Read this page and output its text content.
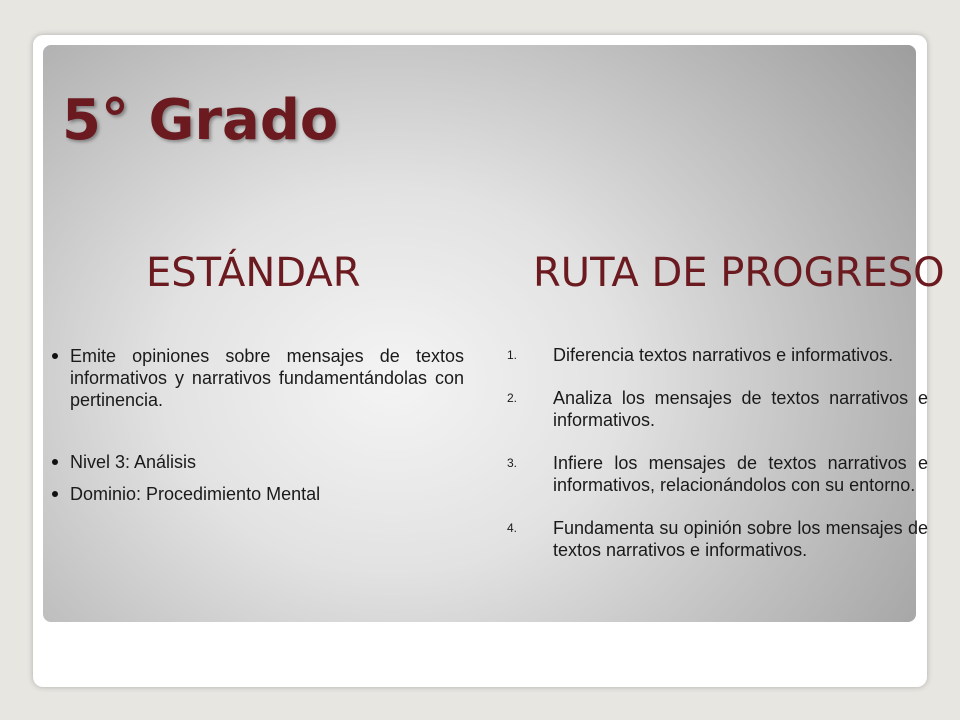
5° Grado
ESTÁNDAR	RUTA DE PROGRESO
Emite opiniones sobre mensajes de textos informativos y narrativos fundamentándolas con pertinencia.
Nivel 3: Análisis
Dominio: Procedimiento Mental
1. Diferencia textos narrativos e informativos.
2. Analiza los mensajes de textos narrativos e informativos.
3. Infiere los mensajes de textos narrativos e informativos, relacionándolos con su entorno.
4. Fundamenta su opinión sobre los mensajes de textos narrativos e informativos.
